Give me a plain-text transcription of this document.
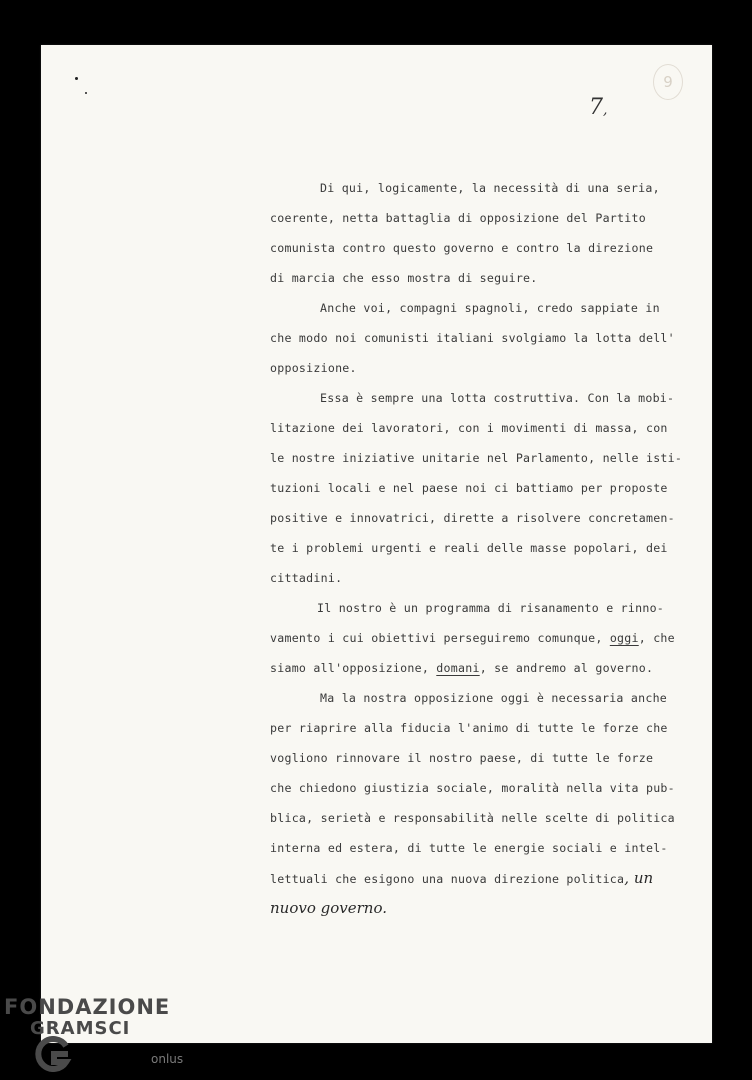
9
7,
Di qui, logicamente, la necessità di una seria,
coerente, netta battaglia di opposizione del Partito
comunista contro questo governo e contro la direzione
di marcia che esso mostra di seguire.
Anche voi, compagni spagnoli, credo sappiate in
che modo noi comunisti italiani svolgiamo la lotta dell'
opposizione.
Essa è sempre una lotta costruttiva. Con la mobi-
litazione dei lavoratori, con i movimenti di massa, con
le nostre iniziative unitarie nel Parlamento, nelle isti-
tuzioni locali e nel paese noi ci battiamo per proposte
positive e innovatrici, dirette a risolvere concretamen-
te i problemi urgenti e reali delle masse popolari, dei
cittadini.
Il nostro è un programma di risanamento e rinno-
vamento i cui obiettivi perseguiremo comunque, oggi, che
siamo all'opposizione, domani, se andremo al governo.
Ma la nostra opposizione oggi è necessaria anche
per riaprire alla fiducia l'animo di tutte le forze che
vogliono rinnovare il nostro paese, di tutte le forze
che chiedono giustizia sociale, moralità nella vita pub-
blica, serietà e responsabilità nelle scelte di politica
interna ed estera, di tutte le energie sociali e intel-
lettuali che esigono una nuova direzione politica, un
nuovo governo.
FONDAZIONE
GRAMSCI
onlus
